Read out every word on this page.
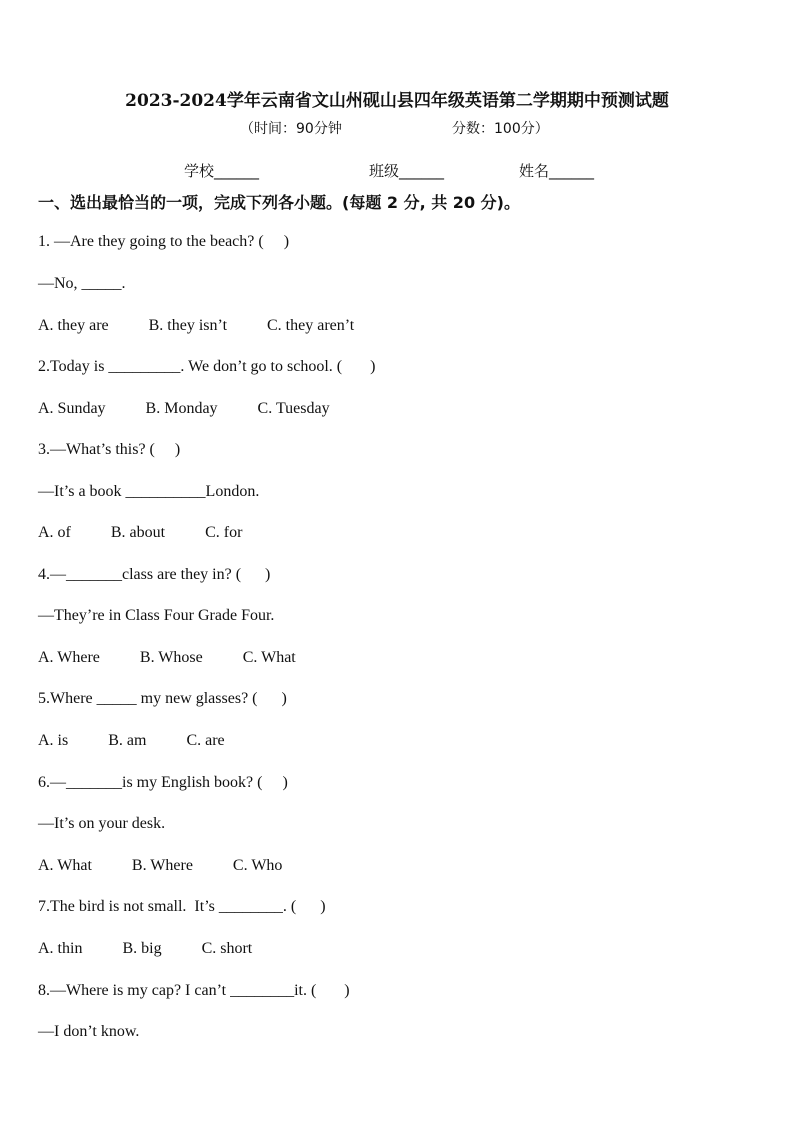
2023-2024学年云南省文山州砚山县四年级英语第二学期期中预测试题
（时间：90分钟	分数：100分）
学校______	班级______	姓名______
一、选出最恰当的一项，完成下列各小题。(每题 2 分, 共 20 分)。
1. —Are they going to the beach? (     )
—No, _____.
A. they are          B. they isn’t          C. they aren’t
2.Today is _________. We don’t go to school. (       )
A. Sunday          B. Monday          C. Tuesday
3.—What’s this? (     )
—It’s a book __________London.
A. of          B. about          C. for
4.—_______class are they in? (      )
—They’re in Class Four Grade Four.
A. Where          B. Whose          C. What
5.Where _____ my new glasses? (      )
A. is          B. am          C. are
6.—_______is my English book? (     )
—It’s on your desk.
A. What          B. Where          C. Who
7.The bird is not small.  It’s ________. (      )
A. thin          B. big          C. short
8.—Where is my cap? I can’t ________it. (       )
—I don’t know.
